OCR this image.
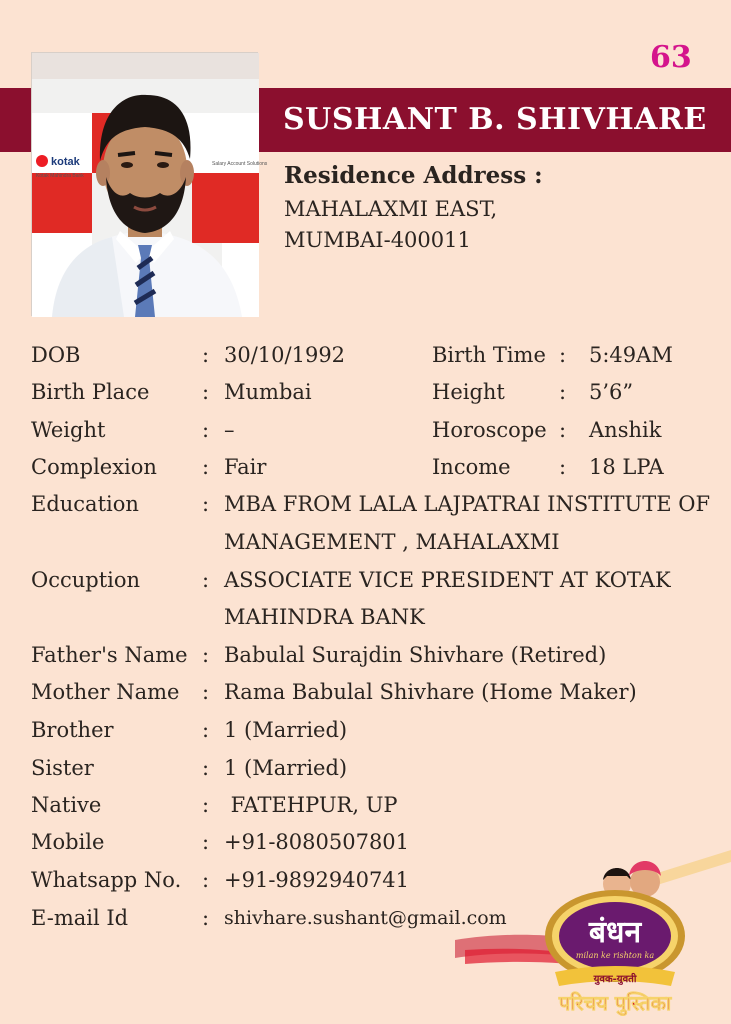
63
SUSHANT B. SHIVHARE
kotak
Kotak Mahindra Bank
Salary Account Solutions
otal
ak Mah
Residence Address :
MAHALAXMI EAST,
MUMBAI-400011
DOB	: 30/10/1992	Birth Time : 5:49AM
Birth Place	: Mumbai	Height	: 5’6”
Weight	: –	Horoscope : Anshik
Complexion : Fair	Income : 18 LPA
Education	: MBA FROM LALA LAJPATRAI INSTITUTE OF
MANAGEMENT , MAHALAXMI
Occuption	: ASSOCIATE VICE PRESIDENT AT KOTAK
MAHINDRA BANK
Father's Name : Babulal Surajdin Shivhare (Retired)
Mother Name : Rama Babulal Shivhare (Home Maker)
Brother	: 1 (Married)
Sister	: 1 (Married)
Native	: FATEHPUR, UP
Mobile	: +91-8080507801
Whatsapp No. : +91-9892940741
E-mail Id	: shivhare.sushant@gmail.com	बंधन
milan ke rishton ka
युवक-युवती
परिचय पुस्तिका
